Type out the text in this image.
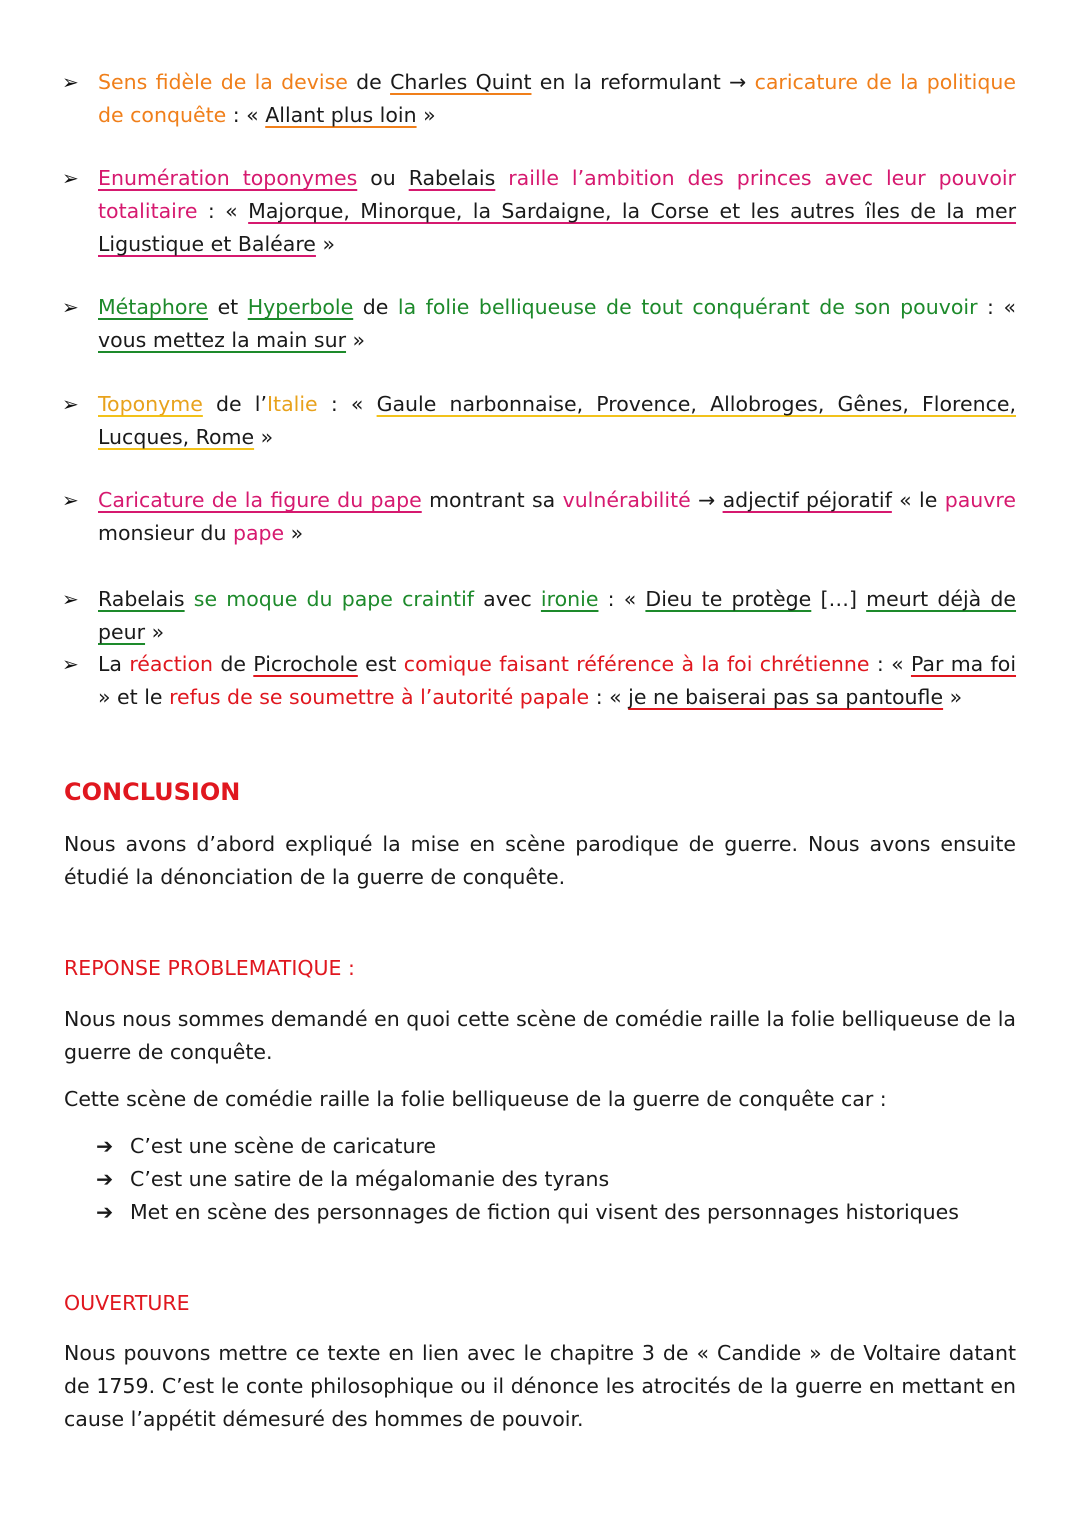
➢ Sens fidèle de la devise de Charles Quint en la reformulant → caricature de la politique de conquête : « Allant plus loin »
➢ Enumération toponymes ou Rabelais raille l’ambition des princes avec leur pouvoir totalitaire : « Majorque, Minorque, la Sardaigne, la Corse et les autres îles de la mer Ligustique et Baléare »
➢ Métaphore et Hyperbole de la folie belliqueuse de tout conquérant de son pouvoir : « vous mettez la main sur »
➢ Toponyme de l’Italie : « Gaule narbonnaise, Provence, Allobroges, Gênes, Florence, Lucques, Rome »
➢ Caricature de la figure du pape montrant sa vulnérabilité → adjectif péjoratif « le pauvre monsieur du pape »
➢ Rabelais se moque du pape craintif avec ironie : « Dieu te protège […] meurt déjà de peur »
➢ La réaction de Picrochole est comique faisant référence à la foi chrétienne : « Par ma foi » et le refus de se soumettre à l’autorité papale : « je ne baiserai pas sa pantoufle »
CONCLUSION
Nous avons d’abord expliqué la mise en scène parodique de guerre. Nous avons ensuite étudié la dénonciation de la guerre de conquête.
REPONSE PROBLEMATIQUE :
Nous nous sommes demandé en quoi cette scène de comédie raille la folie belliqueuse de la guerre de conquête.
Cette scène de comédie raille la folie belliqueuse de la guerre de conquête car :
➔ C’est une scène de caricature
➔ C’est une satire de la mégalomanie des tyrans
➔ Met en scène des personnages de fiction qui visent des personnages historiques
OUVERTURE
Nous pouvons mettre ce texte en lien avec le chapitre 3 de « Candide » de Voltaire datant de 1759. C’est le conte philosophique ou il dénonce les atrocités de la guerre en mettant en cause l’appétit démesuré des hommes de pouvoir.
